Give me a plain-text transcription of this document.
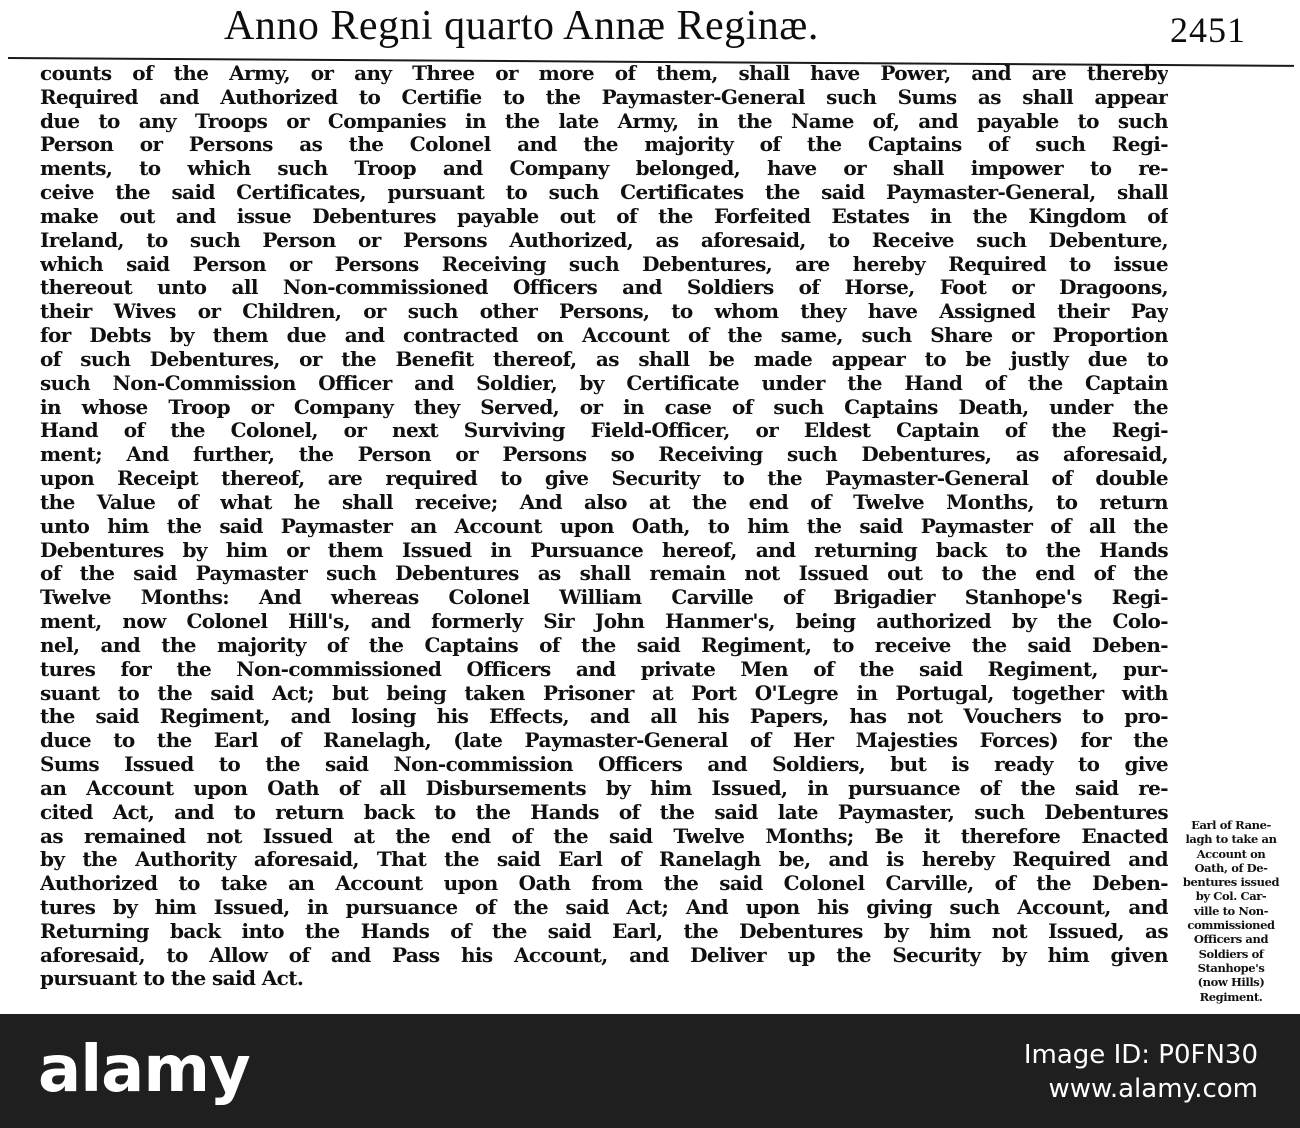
Anno Regni quarto Annæ Reginæ.	2451
counts of the Army, or any Three or more of them, shall have Power, and are thereby
Required and Authorized to Certifie to the Paymaster-General such Sums as shall appear
due to any Troops or Companies in the late Army, in the Name of, and payable to such
Person or Persons as the Colonel and the majority of the Captains of such Regi-
ments, to which such Troop and Company belonged, have or shall impower to re-
ceive the said Certificates, pursuant to such Certificates the said Paymaster-General, shall
make out and issue Debentures payable out of the Forfeited Estates in the Kingdom of
Ireland, to such Person or Persons Authorized, as aforesaid, to Receive such Debenture,
which said Person or Persons Receiving such Debentures, are hereby Required to issue
thereout unto all Non-commissioned Officers and Soldiers of Horse, Foot or Dragoons,
their Wives or Children, or such other Persons, to whom they have Assigned their Pay
for Debts by them due and contracted on Account of the same, such Share or Proportion
of such Debentures, or the Benefit thereof, as shall be made appear to be justly due to
such Non-Commission Officer and Soldier, by Certificate under the Hand of the Captain
in whose Troop or Company they Served, or in case of such Captains Death, under the
Hand of the Colonel, or next Surviving Field-Officer, or Eldest Captain of the Regi-
ment; And further, the Person or Persons so Receiving such Debentures, as aforesaid,
upon Receipt thereof, are required to give Security to the Paymaster-General of double
the Value of what he shall receive; And also at the end of Twelve Months, to return
unto him the said Paymaster an Account upon Oath, to him the said Paymaster of all the
Debentures by him or them Issued in Pursuance hereof, and returning back to the Hands
of the said Paymaster such Debentures as shall remain not Issued out to the end of the
Twelve Months: And whereas Colonel William Carville of Brigadier Stanhope's Regi-
ment, now Colonel Hill's, and formerly Sir John Hanmer's, being authorized by the Colo-
nel, and the majority of the Captains of the said Regiment, to receive the said Deben-
tures for the Non-commissioned Officers and private Men of the said Regiment, pur-
suant to the said Act; but being taken Prisoner at Port O'Legre in Portugal, together with
the said Regiment, and losing his Effects, and all his Papers, has not Vouchers to pro-
duce to the Earl of Ranelagh, (late Paymaster-General of Her Majesties Forces) for the
Sums Issued to the said Non-commission Officers and Soldiers, but is ready to give
an Account upon Oath of all Disbursements by him Issued, in pursuance of the said re-
cited Act, and to return back to the Hands of the said late Paymaster, such Debentures
as remained not Issued at the end of the said Twelve Months; Be it therefore Enacted
by the Authority aforesaid, That the said Earl of Ranelagh be, and is hereby Required and
Authorized to take an Account upon Oath from the said Colonel Carville, of the Deben-
tures by him Issued, in pursuance of the said Act; And upon his giving such Account, and
Returning back into the Hands of the said Earl, the Debentures by him not Issued, as
aforesaid, to Allow of and Pass his Account, and Deliver up the Security by him given
pursuant to the said Act.
Earl of Rane-
lagh to take an
Account on
Oath, of De-
bentures issued
by Col. Car-
ville to Non-
commissioned
Officers and
Soldiers of
Stanhope's
(now Hills)
Regiment.
alamy	Image ID: P0FN30
www.alamy.com
